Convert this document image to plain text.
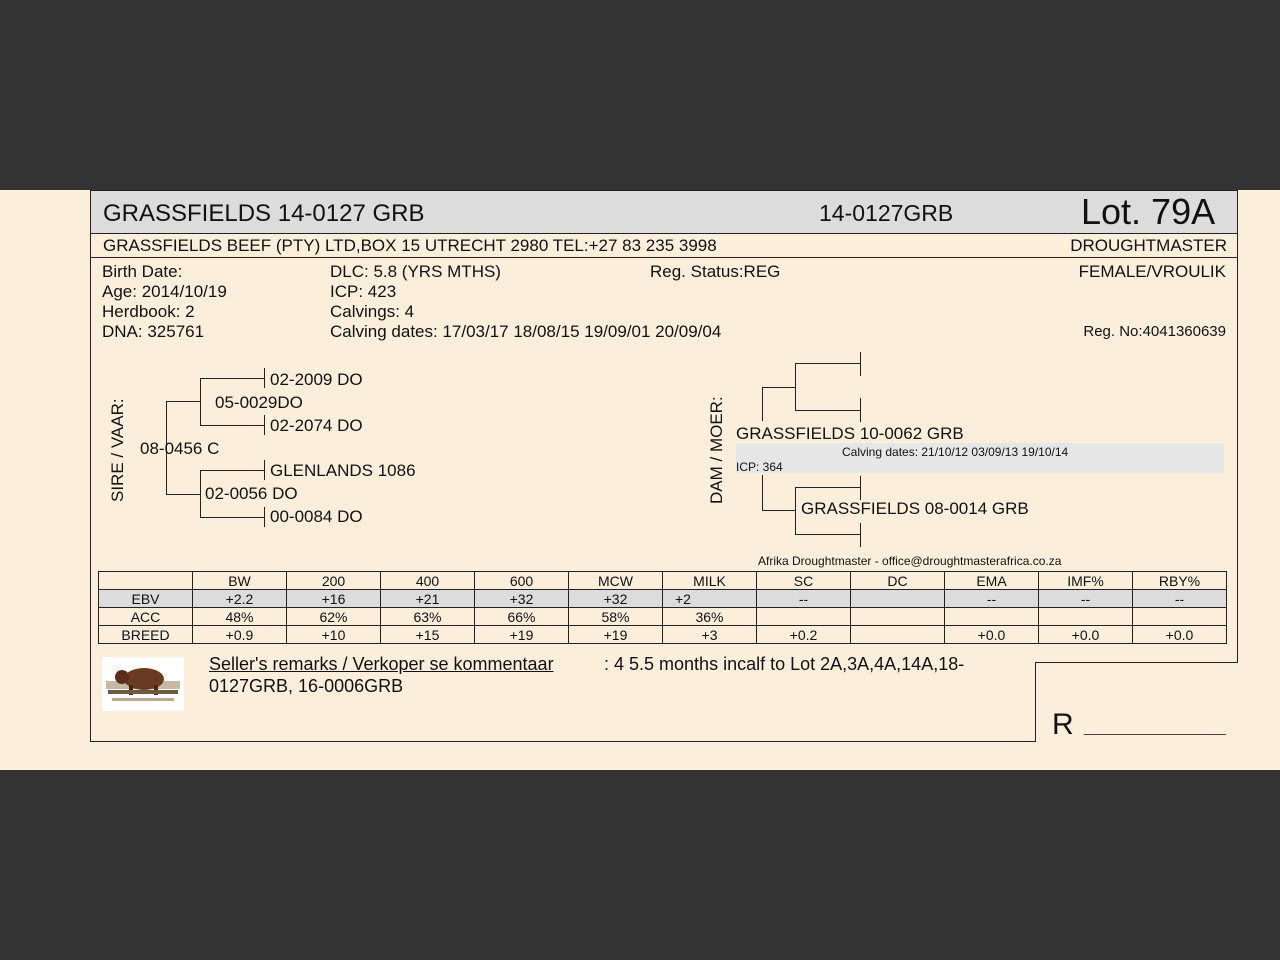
GRASSFIELDS 14-0127 GRB	14-0127GRB	Lot. 79A
GRASSFIELDS BEEF (PTY) LTD,BOX 15 UTRECHT 2980 TEL:+27 83 235 3998	DROUGHTMASTER
Birth Date:
Age: 2014/10/19
Herdbook: 2
DNA: 325761
DLC: 5.8 (YRS MTHS)
ICP: 423
Calvings: 4
Calving dates: 17/03/17 18/08/15 19/09/01 20/09/04
Reg. Status:REG	FEMALE/VROULIK
Reg. No:4041360639
SIRE / VAAR: 08-0456 C
05-0029DO
02-2009 DO
02-2074 DO
02-0056 DO
GLENLANDS 1086
00-0084 DO
DAM / MOER: GRASSFIELDS 10-0062 GRB
Calving dates: 21/10/12 03/09/13 19/10/14
ICP: 364
GRASSFIELDS 08-0014 GRB
Afrika Droughtmaster - office@droughtmasterafrica.co.za
	BW	200	400	600	MCW	MILK	SC	DC	EMA	IMF%	RBY%
EBV	+2.2	+16	+21	+32	+32	+2	--		--	--	--
ACC	48%	62%	63%	66%	58%	36%					
BREED	+0.9	+10	+15	+19	+19	+3	+0.2		+0.0	+0.0	+0.0
Seller's remarks / Verkoper se kommentaar	: 4 5.5 months incalf to Lot 2A,3A,4A,14A,18-
0127GRB, 16-0006GRB
R
